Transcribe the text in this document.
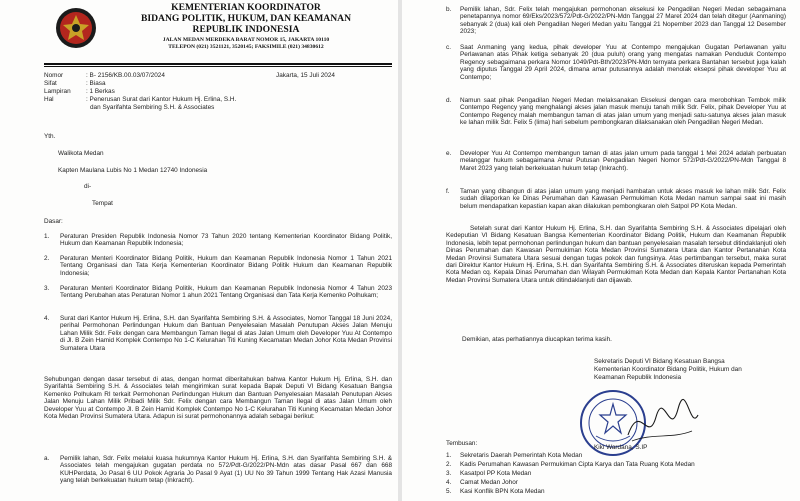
KEMENTERIAN KOORDINATOR
BIDANG POLITIK, HUKUM, DAN KEAMANAN
REPUBLIK INDONESIA
JALAN MEDAN MERDEKA BARAT NOMOR 15, JAKARTA 10110
TELEPON (021) 3521121, 3520145; FAKSIMILE (021) 34830612
Jakarta, 15 Juli 2024
Nomor	: B- 2156/KB.00.03/07/2024
Sifat	: Biasa
Lampiran : 1 Berkas
Hal	: Penerusan Surat dari Kantor Hukum Hj. Erlina, S.H.
dan Syarifahta Sembiring S.H. & Associates
Yth.
Walikota Medan
Kapten Maulana Lubis No 1 Medan 12740 Indonesia
di-
Tempat
Dasar:
1. Peraturan Presiden Republik Indonesia Nomor 73 Tahun 2020 tentang Kementerian Koordinator Bidang Politik, Hukum dan Keamanan Republik Indonesia;
2. Peraturan Menteri Koordinator Bidang Politik, Hukum dan Keamanan Republik Indonesia Nomor 1 Tahun 2021 Tentang Organisasi dan Tata Kerja Kementerian Koordinator Bidang Politik Hukum dan Keamanan Republik Indonesia;
3. Peraturan Menteri Koordinator Bidang Politik, Hukum dan Keamanan Republik Indonesia Nomor 4 Tahun 2023 Tentang Perubahan atas Peraturan Nomor 1 ahun 2021 Tentang Organisasi dan Tata Kerja Kemenko Polhukam;
4. Surat dari Kantor Hukum Hj. Erlina, S.H. dan Syarifahta Sembiring S.H. & Associates, Nomor Tanggal 18 Juni 2024, perihal Permohonan Perlindungan Hukum dan Bantuan Penyelesaian Masalah Penutupan Akses Jalan Menuju Lahan Milik Sdr. Felix dengan cara Membangun Taman Ilegal di atas Jalan Umum oleh Developer Yuu At Contempo di Jl. B Zein Hamid Komplek Contempo No 1-C Kelurahan Titi Kuning Kecamatan Medan Johor Kota Medan Provinsi Sumatera Utara
Sehubungan dengan dasar tersebut di atas, dengan hormat diberitahukan bahwa Kantor Hukum Hj. Erlina, S.H. dan Syarifahta Sembiring S.H. & Associates telah mengirimkan surat kepada Bapak Deputi VI Bidang Kesatuan Bangsa Kemenko Polhukam RI terkait Permohonan Perlindungan Hukum dan Bantuan Penyelesaian Masalah Penutupan Akses Jalan Menuju Lahan Milik Pribadi Milik Sdr. Felix dengan cara Membangun Taman Ilegal di atas Jalan Umum oleh Developer Yuu at Contempo Jl. B Zein Hamid Komplek Contempo No 1-C Kelurahan Titi Kuning Kecamatan Medan Johor Kota Medan Provinsi Sumatera Utara. Adapun isi surat permohonannya adalah sebagai berikut:
a. Pemilik lahan, Sdr. Felix melalui kuasa hukumnya Kantor Hukum Hj. Erlina, S.H. dan Syarifahta Sembiring S.H. & Associates telah mengajukan gugatan perdata no 572/Pdt-G/2022/PN-Mdn atas dasar Pasal 667 dan 668 KUHPerdata, Jo Pasal 6 UU Pokok Agraria Jo Pasal 9 Ayat (1) UU No 39 Tahun 1999 Tentang Hak Azasi Manusia yang telah berkekuatan hukum tetap (Inkracht).
b. Pemilik lahan, Sdr. Felix telah mengajukan permohonan eksekusi ke Pengadilan Negeri Medan sebagaimana penetapannya nomor 69/Eks/2023/572/Pdt-G/2022/PN-Mdn Tanggal 27 Maret 2024 dan telah ditegur (Aanmaning) sebanyak 2 (dua) kali oleh Pengadilan Negeri Medan yaitu Tanggal 21 Nopember 2023 dan Tanggal 12 Desember 2023;
c. Saat Anmaning yang kedua, pihak developer Yuu at Contempo mengajukan Gugatan Perlawanan yaitu Perlawanan atas Pihak ketiga sebanyak 20 (dua puluh) orang yang mengatas namakan Penduduk Contempo Regency sebagaimana perkara Nomor 1049/Pdt-Bth/2023/PN-Mdn ternyata perkara Bantahan tersebut juga kalah yang diputus Tanggal 29 April 2024, dimana amar putusannya adalah menolak eksepsi pihak developer Yuu at Contempo;
d. Namun saat pihak Pengadilan Negeri Medan melaksanakan Eksekusi dengan cara merobohkan Tembok milik Contempo Regency yang menghalangi akses jalan masuk menuju tanah milik Sdr. Felix, pihak Developer Yuu at Contempo Regency malah membangun taman di atas jalan umum yang menjadi satu-satunya akses jalan masuk ke lahan milik Sdr. Felix 5 (lima) hari sebelum pembongkaran dilaksanakan oleh Pengadilan Negeri Medan.
e. Developer Yuu At Contempo membangun taman di atas jalan umum pada tanggal 1 Mei 2024 adalah perbuatan melanggar hukum sebagaimana Amar Putusan Pengadilan Negeri Nomor 572/Pdt-G/2022/PN-Mdn Tanggal 8 Maret 2023 yang telah berkekuatan hukum tetap (Inkracht).
f. Taman yang dibangun di atas jalan umum yang menjadi hambatan untuk akses masuk ke lahan milik Sdr. Felix sudah dilaporkan ke Dinas Perumahan dan Kawasan Permukiman Kota Medan namun sampai saat ini masih belum mendapatkan kepastian kapan akan dilakukan pembongkaran oleh Satpol PP Kota Medan.
Setelah surat dari Kantor Hukum Hj. Erlina, S.H. dan Syarifahta Sembiring S.H. & Associates dipelajari oleh Kedeputian VI Bidang Kesatuan Bangsa Kementerian Koordinator Bidang Politik, Hukum dan Keamanan Republik Indonesia, lebih tepat permohonan perlindungan hukum dan bantuan penyelesaian masalah tersebut ditindaklanjuti oleh Dinas Perumahan dan Kawasan Permukiman Kota Medan Provinsi Sumatera Utara dan Kantor Pertanahan Kota Medan Provinsi Sumatera Utara sesuai dengan tugas pokok dan fungsinya. Atas pertimbangan tersebut, maka surat dari Direktur Kantor Hukum Hj. Erlina, S.H. dan Syarifahta Sembiring S.H. & Associates diteruskan kepada Pemerintah Kota Medan cq. Kepala Dinas Perumahan dan Wilayah Permukiman Kota Medan dan Kepala Kantor Pertanahan Kota Medan Provinsi Sumatera Utara untuk ditindaklanjuti dan dijawab.
Demikian, atas perhatiannya diucapkan terima kasih.
Sekretaris Deputi VI Bidang Kesatuan Bangsa
Kementerian Koordinator Bidang Politik, Hukum dan
Keamanan Republik Indonesia
Kiki Wardana, S.IP
Tembusan:
1. Sekretaris Daerah Pemerintah Kota Medan
2. Kadis Perumahan Kawasan Permukiman Cipta Karya dan Tata Ruang Kota Medan
3. Kasatpol PP Kota Medan
4. Camat Medan Johor
5. Kasi Konflik BPN Kota Medan
